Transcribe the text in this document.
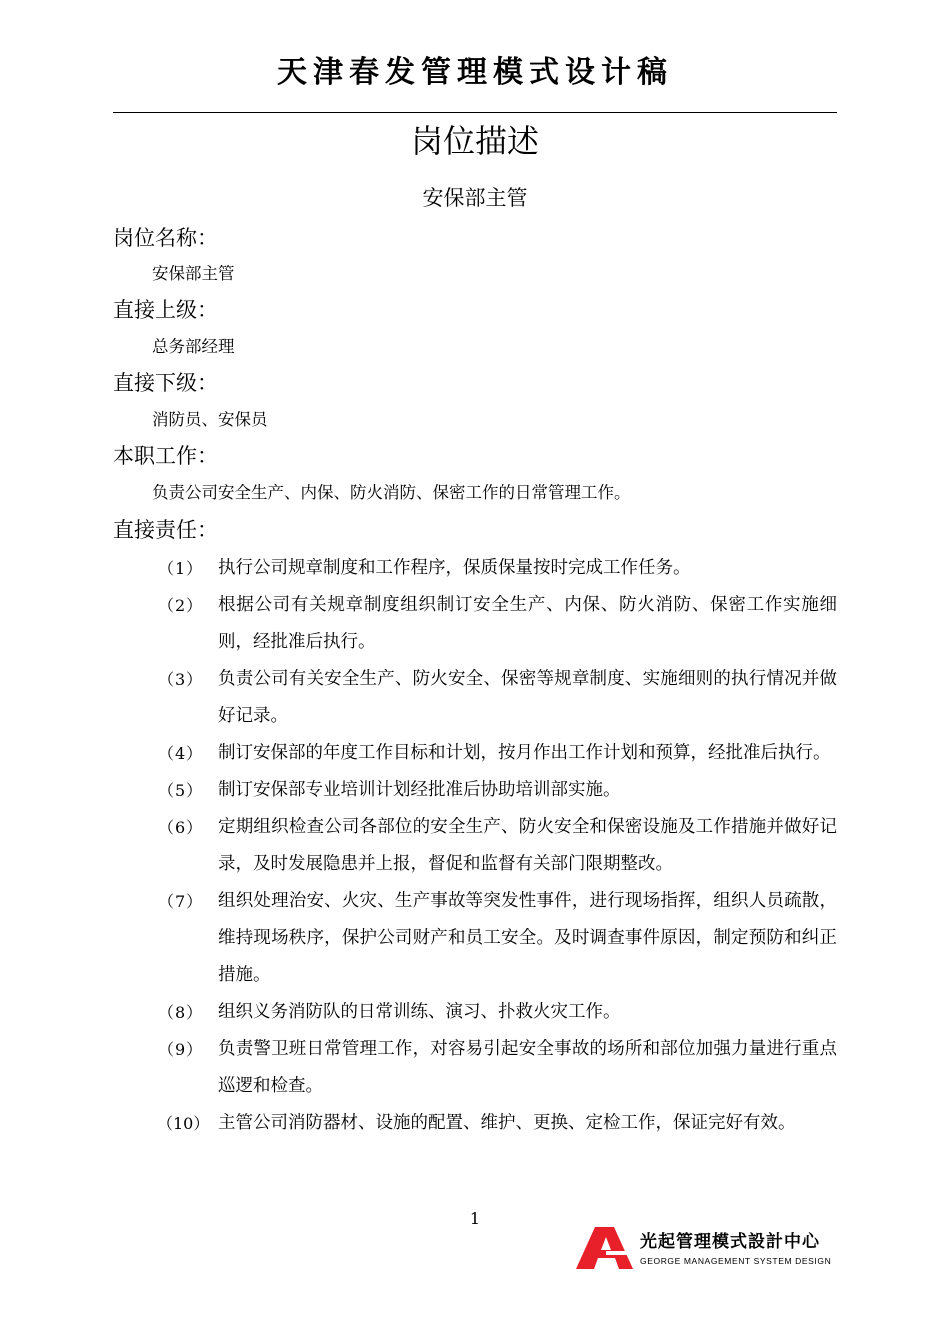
天津春发管理模式设计稿
岗位描述
安保部主管
岗位名称：
安保部主管
直接上级：
总务部经理
直接下级：
消防员、安保员
本职工作：
负责公司安全生产、内保、防火消防、保密工作的日常管理工作。
直接责任：
（1） 执行公司规章制度和工作程序，保质保量按时完成工作任务。
（2） 根据公司有关规章制度组织制订安全生产、内保、防火消防、保密工作实施细则，经批准后执行。
（3） 负责公司有关安全生产、防火安全、保密等规章制度、实施细则的执行情况并做好记录。
（4） 制订安保部的年度工作目标和计划，按月作出工作计划和预算，经批准后执行。
（5） 制订安保部专业培训计划经批准后协助培训部实施。
（6） 定期组织检查公司各部位的安全生产、防火安全和保密设施及工作措施并做好记录，及时发展隐患并上报，督促和监督有关部门限期整改。
（7） 组织处理治安、火灾、生产事故等突发性事件，进行现场指挥，组织人员疏散，维持现场秩序，保护公司财产和员工安全。及时调查事件原因，制定预防和纠正措施。
（8） 组织义务消防队的日常训练、演习、扑救火灾工作。
（9） 负责警卫班日常管理工作，对容易引起安全事故的场所和部位加强力量进行重点巡逻和检查。
（10） 主管公司消防器材、设施的配置、维护、更换、定检工作，保证完好有效。
1
光起管理模式設計中心
GEORGE MANAGEMENT SYSTEM DESIGN
